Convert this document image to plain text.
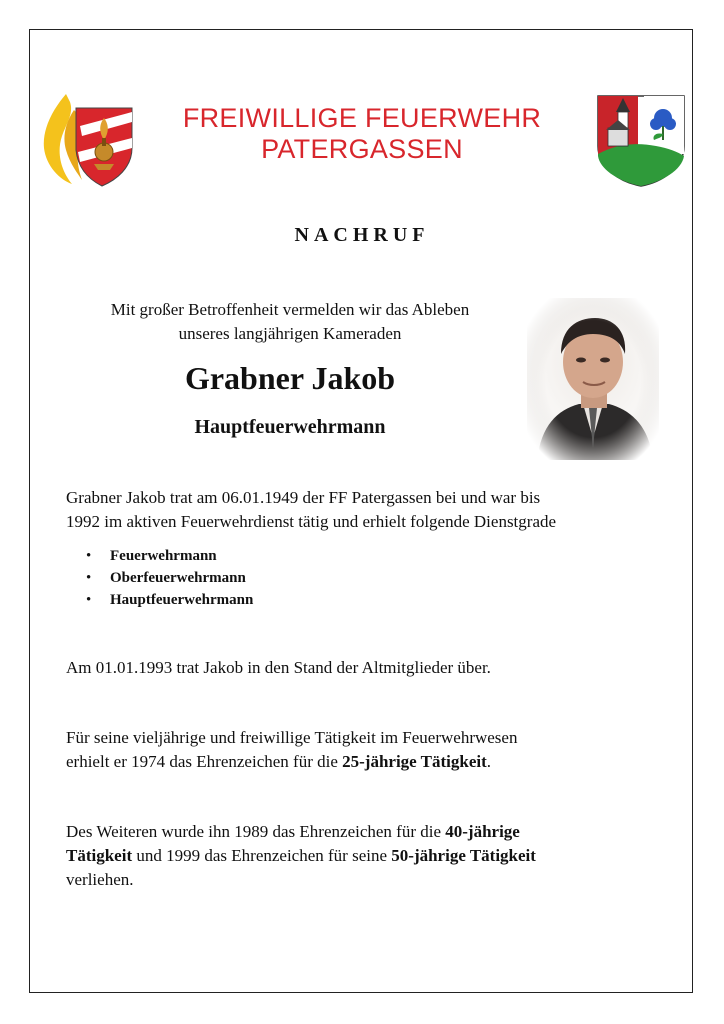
FREIWILLIGE FEUERWEHR
PATERGASSEN
NACHRUF
Mit großer Betroffenheit vermelden wir das Ableben
unseres langjährigen Kameraden
Grabner Jakob
Hauptfeuerwehrmann
Grabner Jakob trat am 06.01.1949 der FF Patergassen bei und war bis
1992 im aktiven Feuerwehrdienst tätig und erhielt folgende Dienstgrade
• Feuerwehrmann
• Oberfeuerwehrmann
• Hauptfeuerwehrmann
Am 01.01.1993 trat Jakob in den Stand der Altmitglieder über.
Für seine vieljährige und freiwillige Tätigkeit im Feuerwehrwesen
erhielt er 1974 das Ehrenzeichen für die 25-jährige Tätigkeit.
Des Weiteren wurde ihn 1989 das Ehrenzeichen für die 40-jährige
Tätigkeit und 1999 das Ehrenzeichen für seine 50-jährige Tätigkeit
verliehen.
